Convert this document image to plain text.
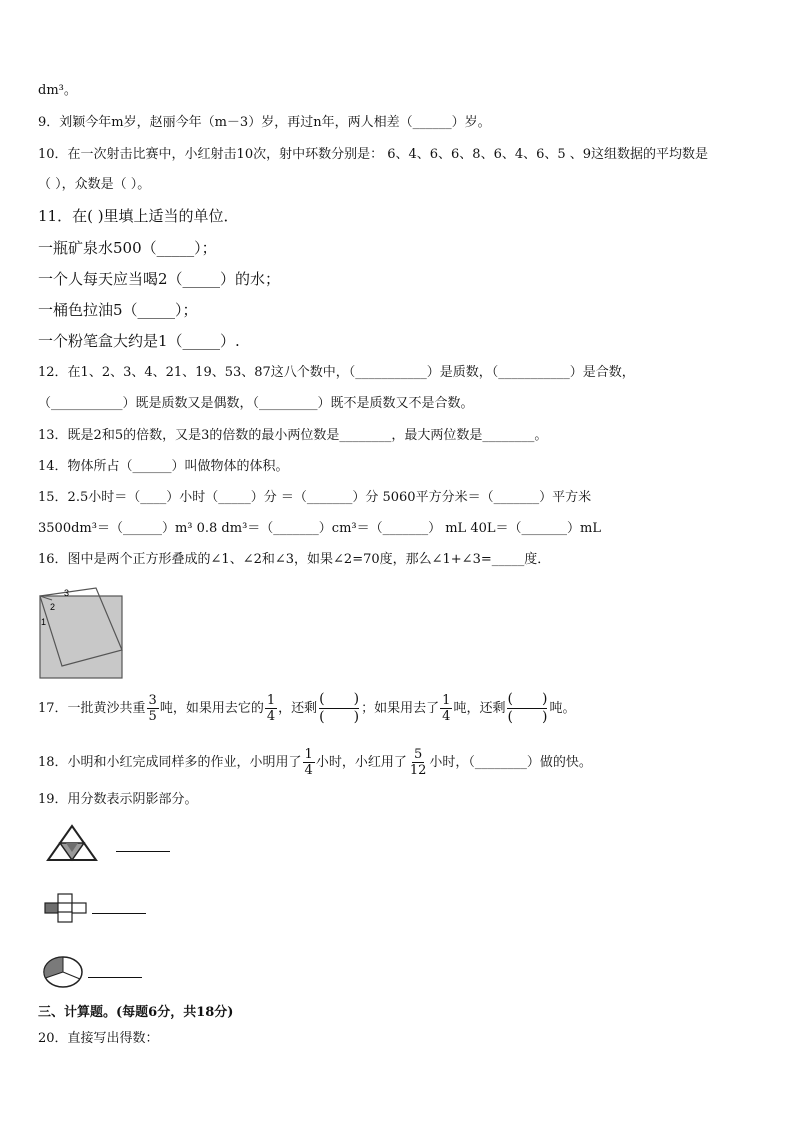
dm³。
9．刘颖今年m岁，赵丽今年（m－3）岁，再过n年，两人相差（______）岁。
10．在一次射击比赛中，小红射击10次，射中环数分别是： 6、4、6、6、8、6、4、6、5 、9这组数据的平均数是
（ ），众数是（ ）。
11．在( )里填上适当的单位．
一瓶矿泉水500（_____）；
一个人每天应当喝2（_____）的水；
一桶色拉油5（_____）；
一个粉笔盒大约是1（_____）.
12．在1、2、3、4、21、19、53、87这八个数中，（___________）是质数，（___________）是合数，
（___________）既是质数又是偶数，（_________）既不是质数又不是合数。
13．既是2和5的倍数，又是3的倍数的最小两位数是________，最大两位数是________。
14．物体所占（______）叫做物体的体积。
15．2.5小时＝（____）小时（_____）分 ＝（_______）分 5060平方分米＝（_______）平方米
3500dm³＝（______）m³ 0.8 dm³＝（_______）cm³＝（_______） mL 40L＝（_______）mL
16．图中是两个正方形叠成的∠1、∠2和∠3，如果∠2=70度，那么∠1+∠3=_____度．
1
2
3
17．一批黄沙共重 $\frac{3}{5}$ 吨，如果用去它的 $\frac{1}{4}$ ，还剩
( )
( )
；如果用去了 $\frac{1}{4}$ 吨，还剩
( )
( )
吨。
18．小明和小红完成同样多的作业，小明用了 $\frac{1}{4}$ 小时，小红用了 $\frac{5}{12}$ 小时，（________）做的快。
19．用分数表示阴影部分。
三、计算题。(每题6分，共18分)
20．直接写出得数：
